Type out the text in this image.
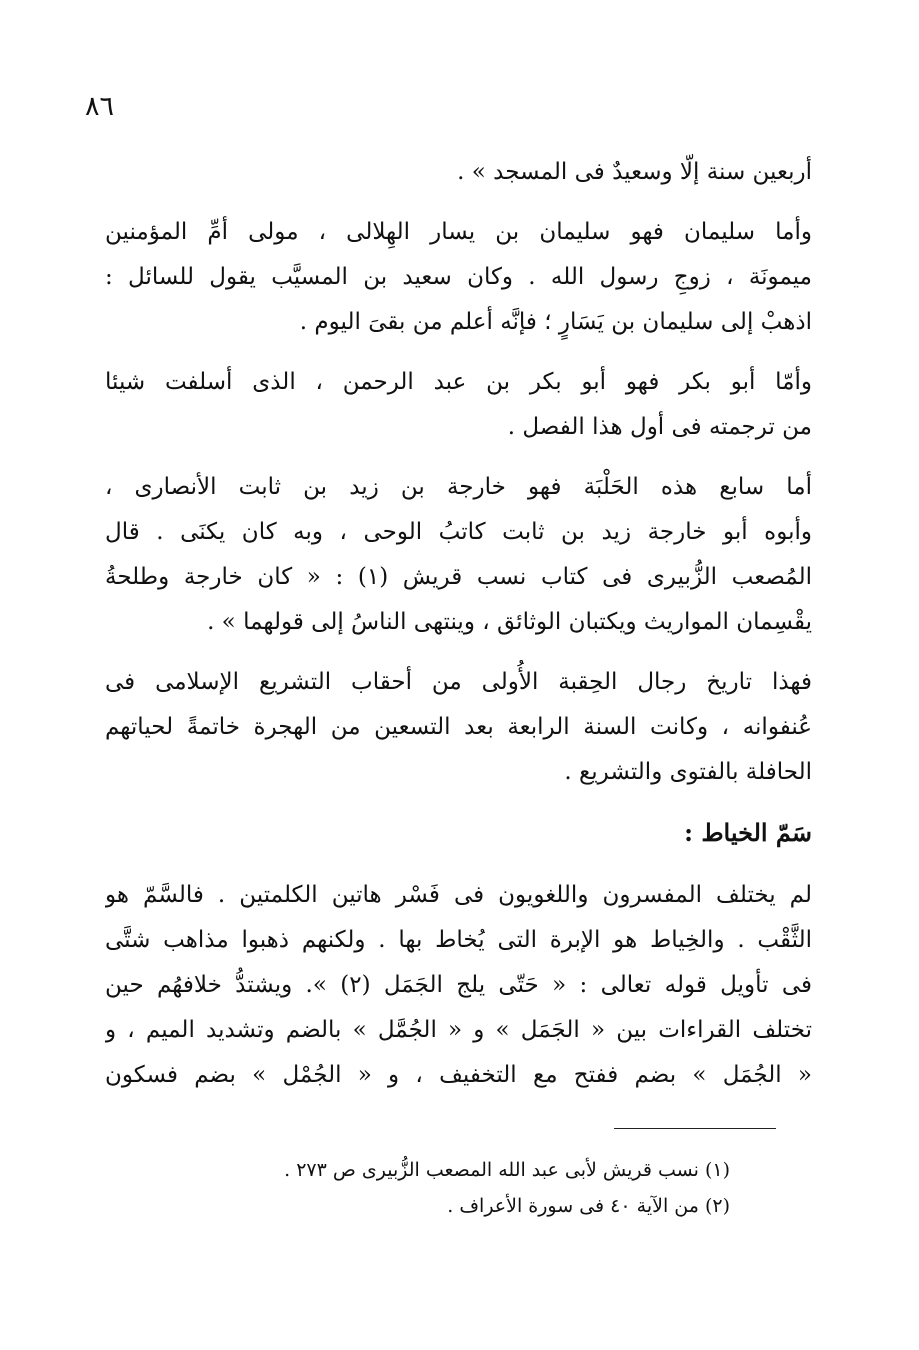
٨٦
أربعين سنة إلّا وسعيدٌ فى المسجد » .
وأما سليمان فهو سليمان بن يسار الهِلالى ، مولى أمِّ المؤمنين
ميمونَة ، زوجِ رسول الله . وكان سعيد بن المسيَّب يقول للسائل :
اذهبْ إلى سليمان بن يَسَارٍ ؛ فإنَّه أعلم من بقىَ اليوم .
وأمّا أبو بكر فهو أبو بكر بن عبد الرحمن ، الذى أسلفت شيئا
من ترجمته فى أول هذا الفصل .
أما سابع هذه الحَلْبَة فهو خارجة بن زيد بن ثابت الأنصارى ،
وأبوه أبو خارجة زيد بن ثابت كاتبُ الوحى ، وبه كان يكنَى . قال
المُصعب الزُّبيرى فى كتاب نسب قريش (١) : « كان خارجة وطلحةُ
يقْسِمان المواريث ويكتبان الوثائق ، وينتهى الناسُ إلى قولهما » .
فهذا تاريخ رجال الحِقبة الأُولى من أحقاب التشريع الإسلامى فى
عُنفوانه ، وكانت السنة الرابعة بعد التسعين من الهجرة خاتمةً لحياتهم
الحافلة بالفتوى والتشريع .
سَمّ الخياط :
لم يختلف المفسرون واللغويون فى فَسْر هاتين الكلمتين . فالسَّمّ هو
الثَّقْب . والخِياط هو الإبرة التى يُخاط بها . ولكنهم ذهبوا مذاهب شتَّى
فى تأويل قوله تعالى : « حَتّى يلج الجَمَل (٢) ». ويشتدُّ خلافهُم حين
تختلف القراءات بين « الجَمَل » و « الجُمَّل » بالضم وتشديد الميم ، و
« الجُمَل » بضم ففتح مع التخفيف ، و « الجُمْل » بضم فسكون
(١) نسب قريش لأبى عبد الله المصعب الزُّبيرى ص ٢٧٣ .
(٢) من الآية ٤٠ فى سورة الأعراف .
